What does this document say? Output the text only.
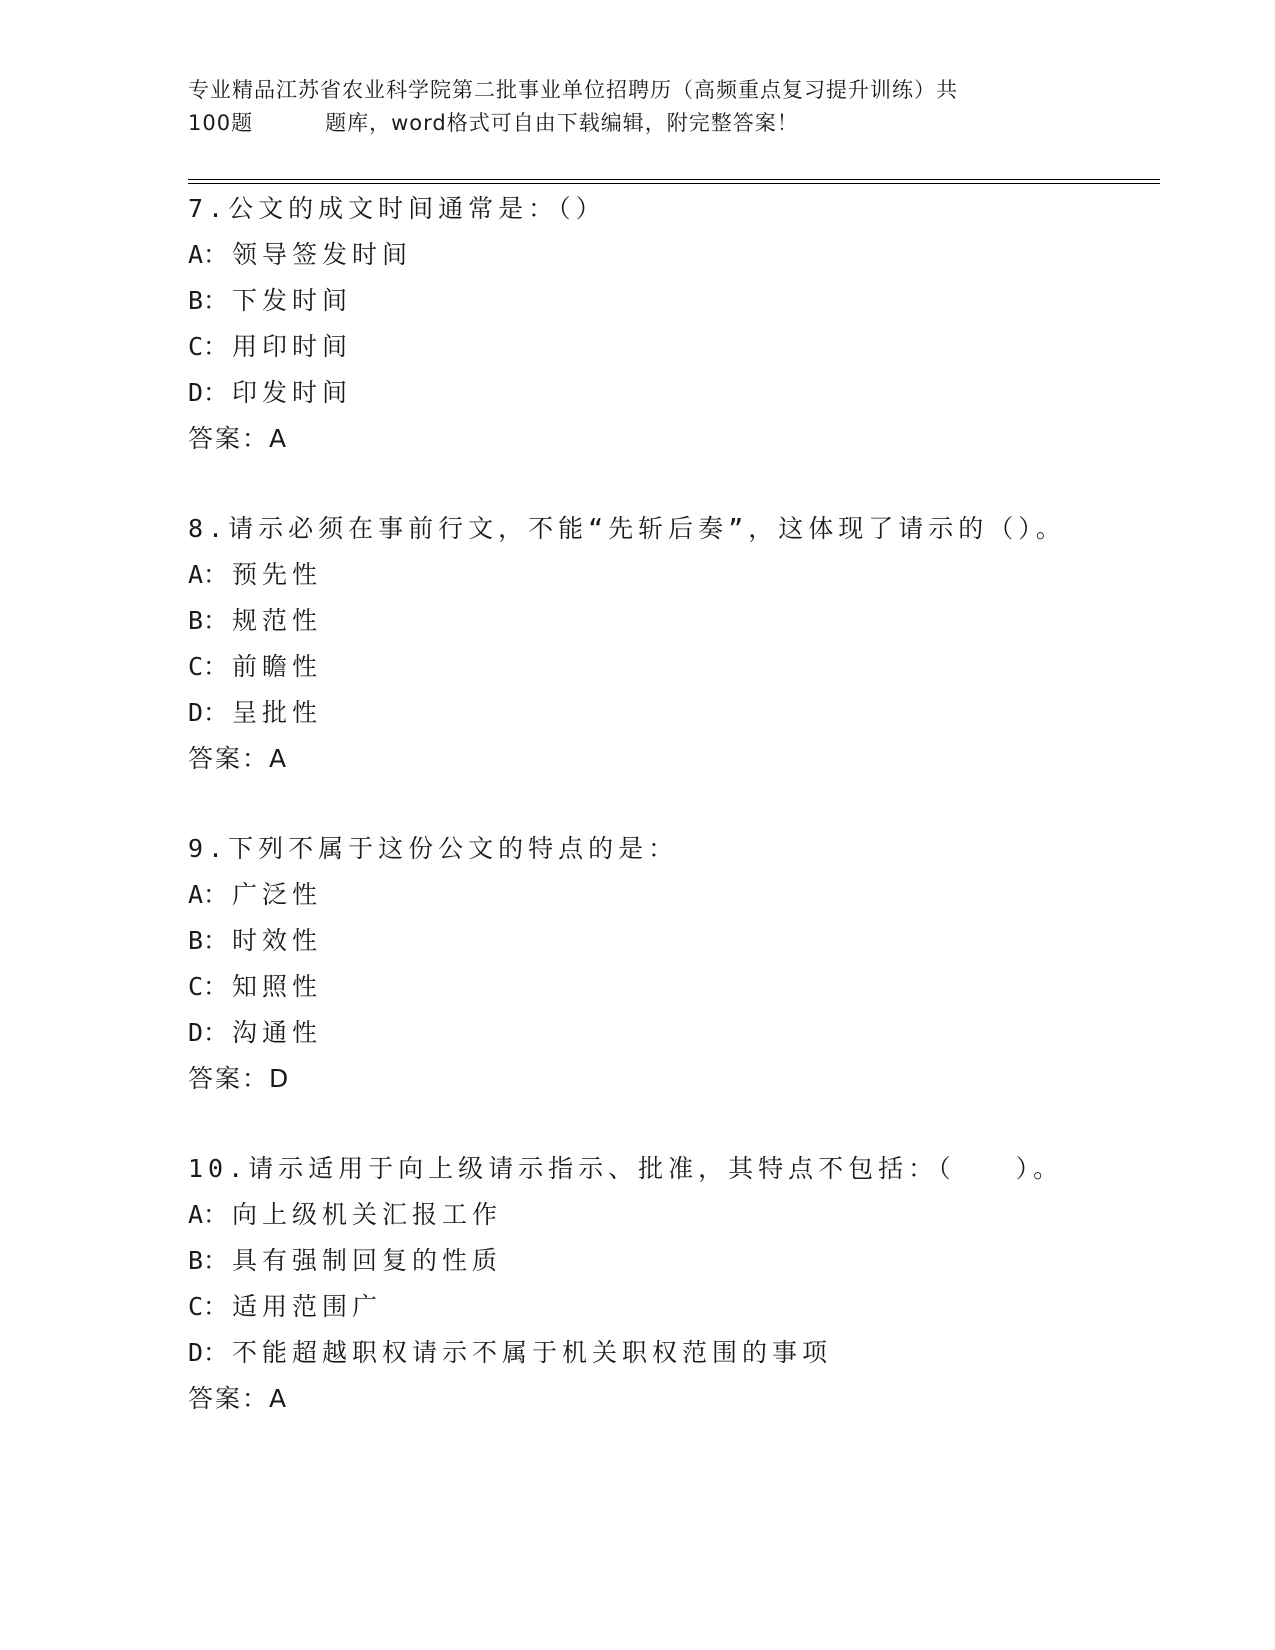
专业精品江苏省农业科学院第二批事业单位招聘历（高频重点复习提升训练）共
100题	题库，word格式可自由下载编辑，附完整答案！
7.公文的成文时间通常是：（）
A： 领导签发时间
B： 下发时间
C： 用印时间
D： 印发时间
答案：A
8.请示必须在事前行文，不能“先斩后奏”，这体现了请示的（）。
A： 预先性
B： 规范性
C： 前瞻性
D： 呈批性
答案：A
9.下列不属于这份公文的特点的是：
A： 广泛性
B： 时效性
C： 知照性
D： 沟通性
答案：D
10.请示适用于向上级请示指示、批准，其特点不包括：（　　）。
A： 向上级机关汇报工作
B： 具有强制回复的性质
C： 适用范围广
D： 不能超越职权请示不属于机关职权范围的事项
答案：A
